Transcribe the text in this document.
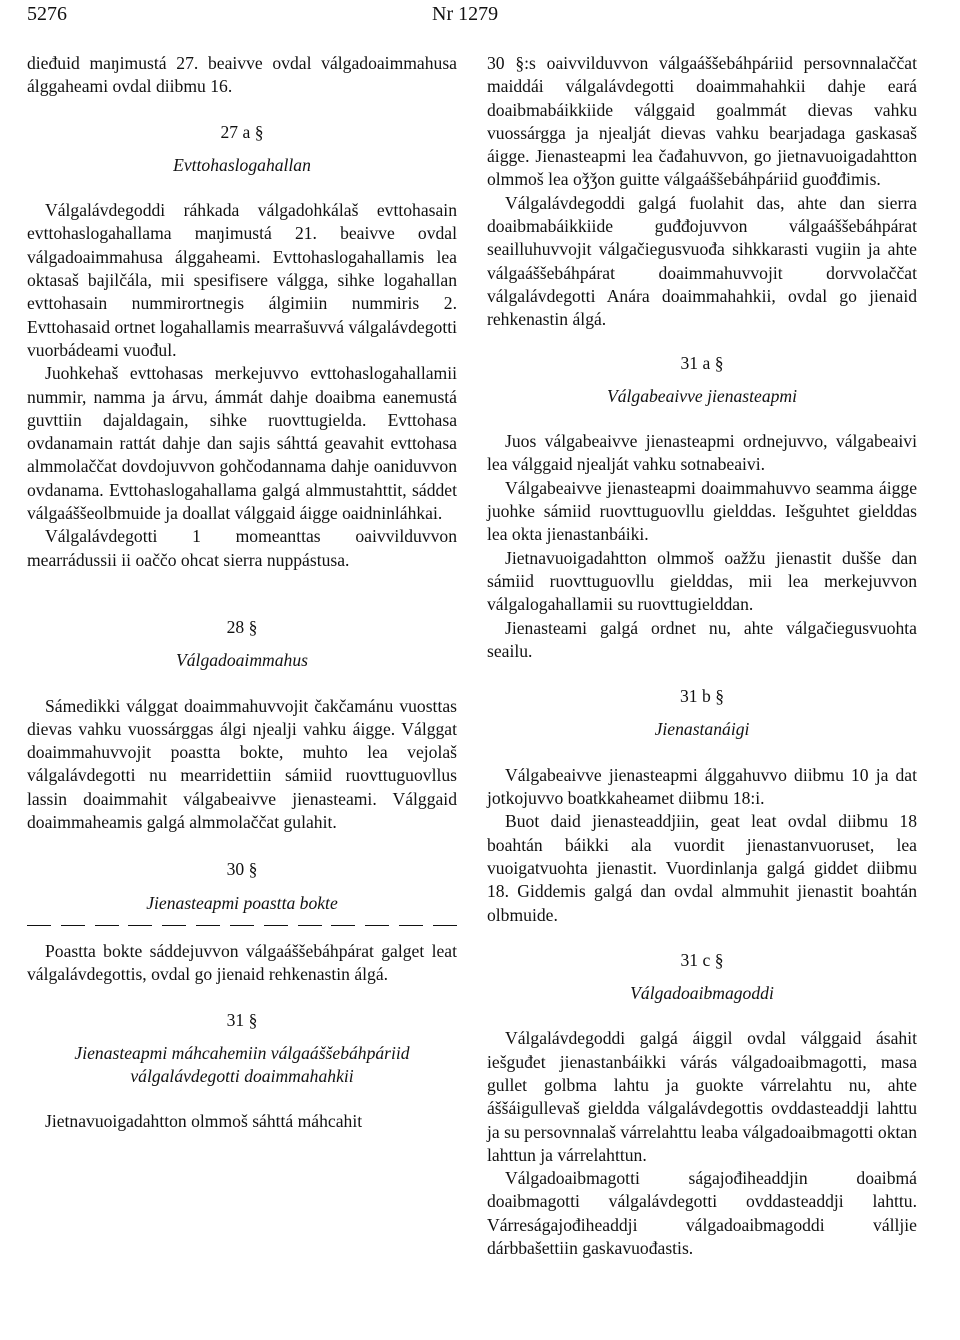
5276	Nr 1279

dieđuid maŋimustá 27. beaivve ovdal válgadoaimmahusa álggaheami ovdal diibmu 16.

27 a §
Evttohaslogahallan

Válgalávdegoddi ráhkada válgadohkálaš evttohasain evttohaslogahallama maŋimustá 21. beaivve ovdal válgadoaimmahusa álggaheami. Evttohaslogahallamis lea oktasaš bajilčála, mii spesifisere válgga, sihke logahallan evttohasain nummirortnegis álgimiin nummiris 2. Evttohasaid ortnet logahallamis mearrašuvvá válgalávdegotti vuorbádeami vuođul.

Juohkehaš evttohasas merkejuvvo evttohaslogahallamii nummir, namma ja árvu, ámmát dahje doaibma eanemustá guvttiin dajaldagain, sihke ruovttugielda. Evttohasa ovdanamain rattát dahje dan sajis sáhttá geavahit evttohasa almmolaččat dovdojuvvon gohčodannama dahje oaniduvvon ovdanama. Evttohaslogahallama galgá almmustahttit, sáddet válgaáššeolbmuide ja doallat válggaid áigge oaidninláhkai.

Válgalávdegotti 1 momeanttas oaivvilduvvon mearrádussii ii oaččo ohcat sierra nuppástusa.

28 §
Válgadoaimmahus

Sámedikki válggat doaimmahuvvojit čakčamánu vuosttas dievas vahku vuossárggas álgi njealji vahku áigge. Válggat doaimmahuvvojit poastta bokte, muhto lea vejolaš válgalávdegotti nu mearridettiin sámiid ruovttuguovllus lassin doaimmahit válgabeaivve jienasteami. Válggaid doaimmaheamis galgá almmolaččat gulahit.

30 §
Jienasteapmi poastta bokte

Poastta bokte sáddejuvvon válgaáššebáhpárat galget leat válgalávdegottis, ovdal go jienaid rehkenastin álgá.

31 §
Jienasteapmi máhcahemiin válgaáššebáhpáriid
válgalávdegotti doaimmahahkii

Jietnavuoigadahtton olmmoš sáhttá máhcahit

30 §:s oaivvilduvvon válgaáššebáhpáriid persovnnalaččat maiddái válgalávdegotti doaimmahahkii dahje eará doaibmabáikkiide válggaid goalmmát dievas vahku vuossárgga ja njealját dievas vahku bearjadaga gaskasaš áigge. Jienasteapmi lea čađahuvvon, go jietnavuoigadahtton olmmoš lea oǯǯon guitte válgaáššebáhpáriid guođđimis.

Válgalávdegoddi galgá fuolahit das, ahte dan sierra doaibmabáikkiide guđđojuvvon válgaáššebáhpárat seailluhuvvojit válgačiegusvuođa sihkkarasti vugiin ja ahte válgaáššebáhpárat doaimmahuvvojit dorvvolaččat válgalávdegotti Anára doaimmahahkii, ovdal go jienaid rehkenastin álgá.

31 a §
Válgabeaivve jienasteapmi

Juos válgabeaivve jienasteapmi ordnejuvvo, válgabeaivi lea válggaid njealját vahku sotnabeaivi.

Válgabeaivve jienasteapmi doaimmahuvvo seamma áigge juohke sámiid ruovttuguovllu gielddas. Iešguhtet gielddas lea okta jienastanbáiki.

Jietnavuoigadahtton olmmoš oažžu jienastit dušše dan sámiid ruovttuguovllu gielddas, mii lea merkejuvvon válgalogahallamii su ruovttugielddan.

Jienasteami galgá ordnet nu, ahte válgačiegusvuohta seailu.

31 b §
Jienastanáigi

Válgabeaivve jienasteapmi álggahuvvo diibmu 10 ja dat jotkojuvvo boatkkaheamet diibmu 18:i.

Buot daid jienasteaddjiin, geat leat ovdal diibmu 18 boahtán báikki ala vuordit jienastanvuoruset, lea vuoigatvuohta jienastit. Vuordinlanja galgá giddet diibmu 18. Giddemis galgá dan ovdal almmuhit jienastit boahtán olbmuide.

31 c §
Válgadoaibmagoddi

Válgalávdegoddi galgá áiggil ovdal válggaid ásahit iešguđet jienastanbáikki várás válgadoaibmagotti, masa gullet golbma lahtu ja guokte várrelahtu nu, ahte áššáigullevaš gieldda válgalávdegottis ovddasteaddji lahttu ja su persovnnalaš várrelahttu leaba válgadoaibmagotti oktan lahttun ja várrelahttun.

Válgadoaibmagotti ságajođiheaddjin doaibmá doaibmagotti válgalávdegotti ovddasteaddji lahttu. Várreságajođiheaddji válgadoaibmagoddi válljie dárbbašettiin gaskavuođastis.
